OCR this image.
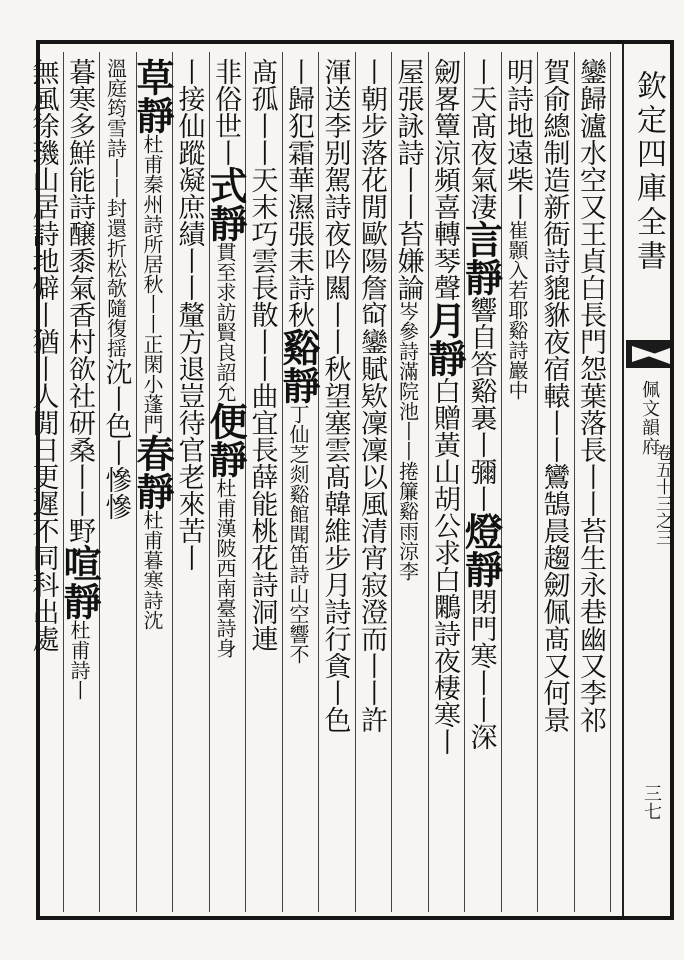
欽定四庫全書
佩文韻府
卷五十三之三
三七
鑾歸瀘水空又王貞白長門怨葉落長丨丨苔生永巷幽又李祁
賀俞總制造新衙詩貔貅夜宿轅丨丨鸞鵠晨趨劒佩髙又何景
明詩地遠柴丨崔顥入若耶谿詩巖中
丨天髙夜氣淒言靜響自答谿裏丨彌丨燈靜閉門寒丨丨深
劒畧簟涼頻喜轉琴聲月靜白贈黃山胡公求白鷴詩夜棲寒丨
屋張詠詩丨丨苔嫌論岑參詩滿院池丨丨捲簾谿雨涼李
丨朝步落花閒歐陽詹䆗鑾賦欵凜凜以風清宵寂澄而丨丨許
渾送李别駕詩夜吟闗丨丨秋望塞雲髙韓維步月詩行貪丨色
丨歸犯霜華濕張耒詩秋谿靜丁仙芝剡谿館聞笛詩山空響不
髙孤丨丨天末巧雲長散丨丨曲宜長薛能桃花詩洞連
非俗世丨式靜貫至求訪賢良詔允便靜杜甫漢陂西南臺詩身
丨接仙蹤凝庶績丨丨釐方退豈待官老來苦丨
草靜杜甫秦州詩所居秋丨丨正閑小蓬門春靜杜甫暮寒詩沈
溫庭筠雪詩丨丨封還折松欹隨復揺沈丨色丨慘慘
暮寒多鮮能詩醸黍氣香村欲社研桑丨丨野喧靜杜甫詩丨
無風徐璣山居詩地僻丨猶丨人閒日更遲不同科出處
